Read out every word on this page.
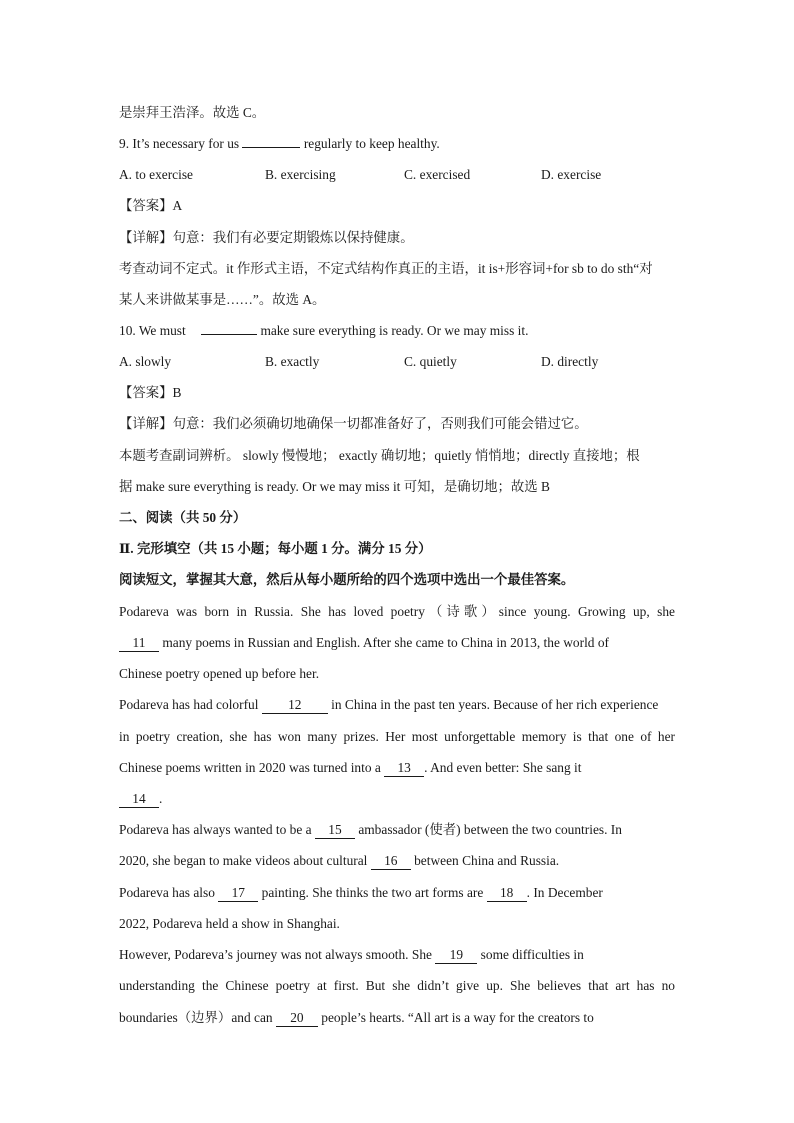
是崇拜王浩泽。故选 C。
9. It’s necessary for us	regularly to keep healthy.
A. to exercise	B. exercising	C. exercised	D. exercise
【答案】A
【详解】句意：我们有必要定期锻炼以保持健康。
考查动词不定式。it 作形式主语，不定式结构作真正的主语，it is+形容词+for sb to do sth“对
某人来讲做某事是……”。故选 A。
10. We must	make sure everything is ready. Or we may miss it.
A. slowly	B. exactly	C. quietly	D. directly
【答案】B
【详解】句意：我们必须确切地确保一切都准备好了，否则我们可能会错过它。
本题考查副词辨析。 slowly 慢慢地； exactly 确切地；quietly 悄悄地；directly 直接地；根
据 make sure everything is ready. Or we may miss it 可知，是确切地；故选 B
二、阅读（共 50 分）
Ⅱ. 完形填空（共 15 小题；每小题 1 分。满分 15 分）
阅读短文，掌握其大意，然后从每小题所给的四个选项中选出一个最佳答案。
Podareva was born in Russia. She has loved poetry（诗歌）since young. Growing up, she
11 many poems in Russian and English. After she came to China in 2013, the world of
Chinese poetry opened up before her.
Podareva has had colorful 12 in China in the past ten years. Because of her rich experience
in poetry creation, she has won many prizes. Her most unforgettable memory is that one of her
Chinese poems written in 2020 was turned into a 13 . And even better: She sang it
14 .
Podareva has always wanted to be a 15 ambassador (使者) between the two countries. In
2020, she began to make videos about cultural 16 between China and Russia.
Podareva has also 17 painting. She thinks the two art forms are 18 . In December
2022, Podareva held a show in Shanghai.
However, Podareva’s journey was not always smooth. She 19 some difficulties in
understanding the Chinese poetry at first. But she didn’t give up. She believes that art has no
boundaries（边界）and can 20 people’s hearts. “All art is a way for the creators to
